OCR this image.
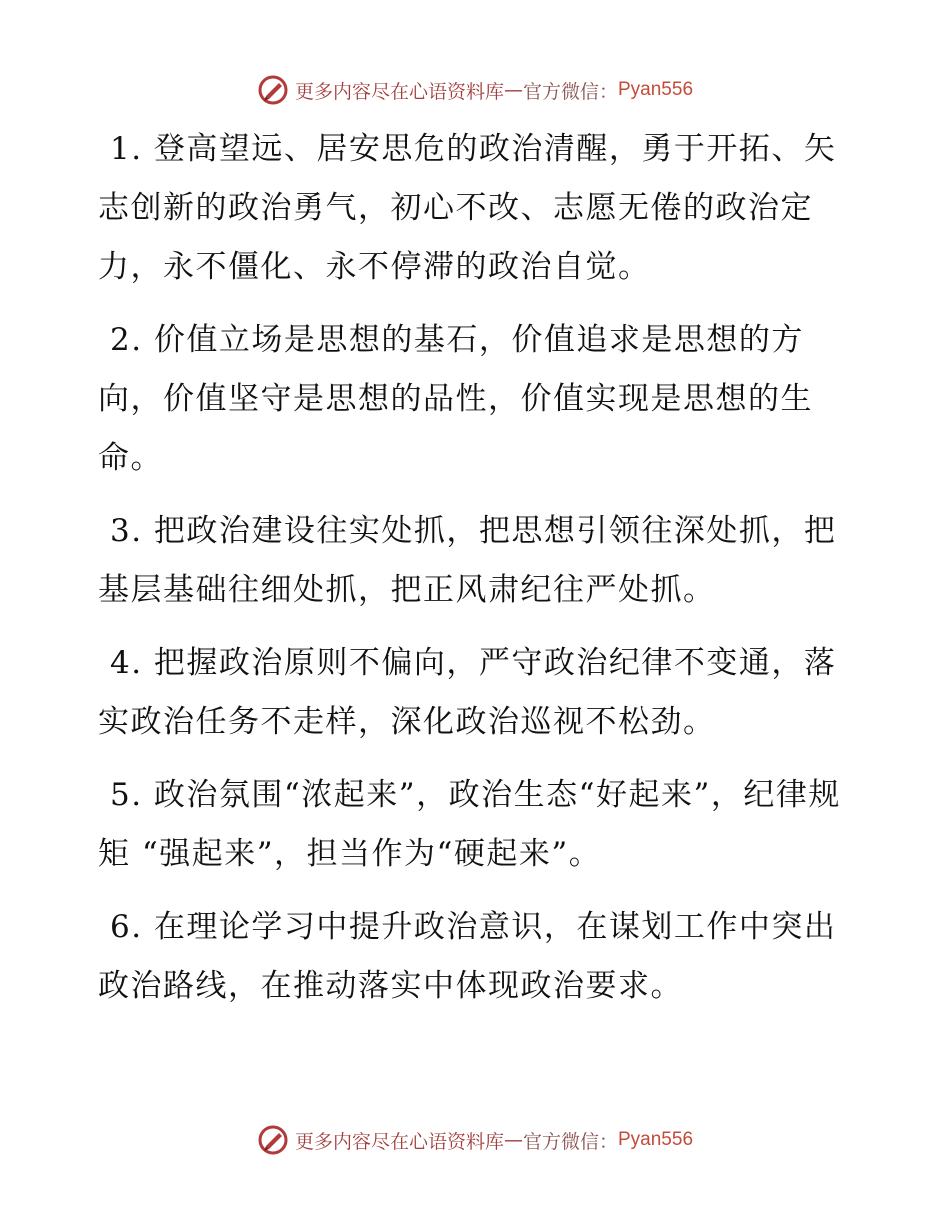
更多内容尽在心语资料库 — 官方微信： Pyan556

1. 登高望远、居安思危的政治清醒，勇于开拓、矢志创新的政治勇气，初心不改、志愿无倦的政治定力，永不僵化、永不停滞的政治自觉。

2. 价值立场是思想的基石，价值追求是思想的方向，价值坚守是思想的品性，价值实现是思想的生命。

3. 把政治建设往实处抓，把思想引领往深处抓，把基层基础往细处抓，把正风肃纪往严处抓。

4. 把握政治原则不偏向，严守政治纪律不变通，落实政治任务不走样，深化政治巡视不松劲。

5. 政治氛围“浓起来”，政治生态“好起来”，纪律规矩 “强起来”，担当作为“硬起来”。

6. 在理论学习中提升政治意识，在谋划工作中突出政治路线，在推动落实中体现政治要求。

更多内容尽在心语资料库 — 官方微信： Pyan556
